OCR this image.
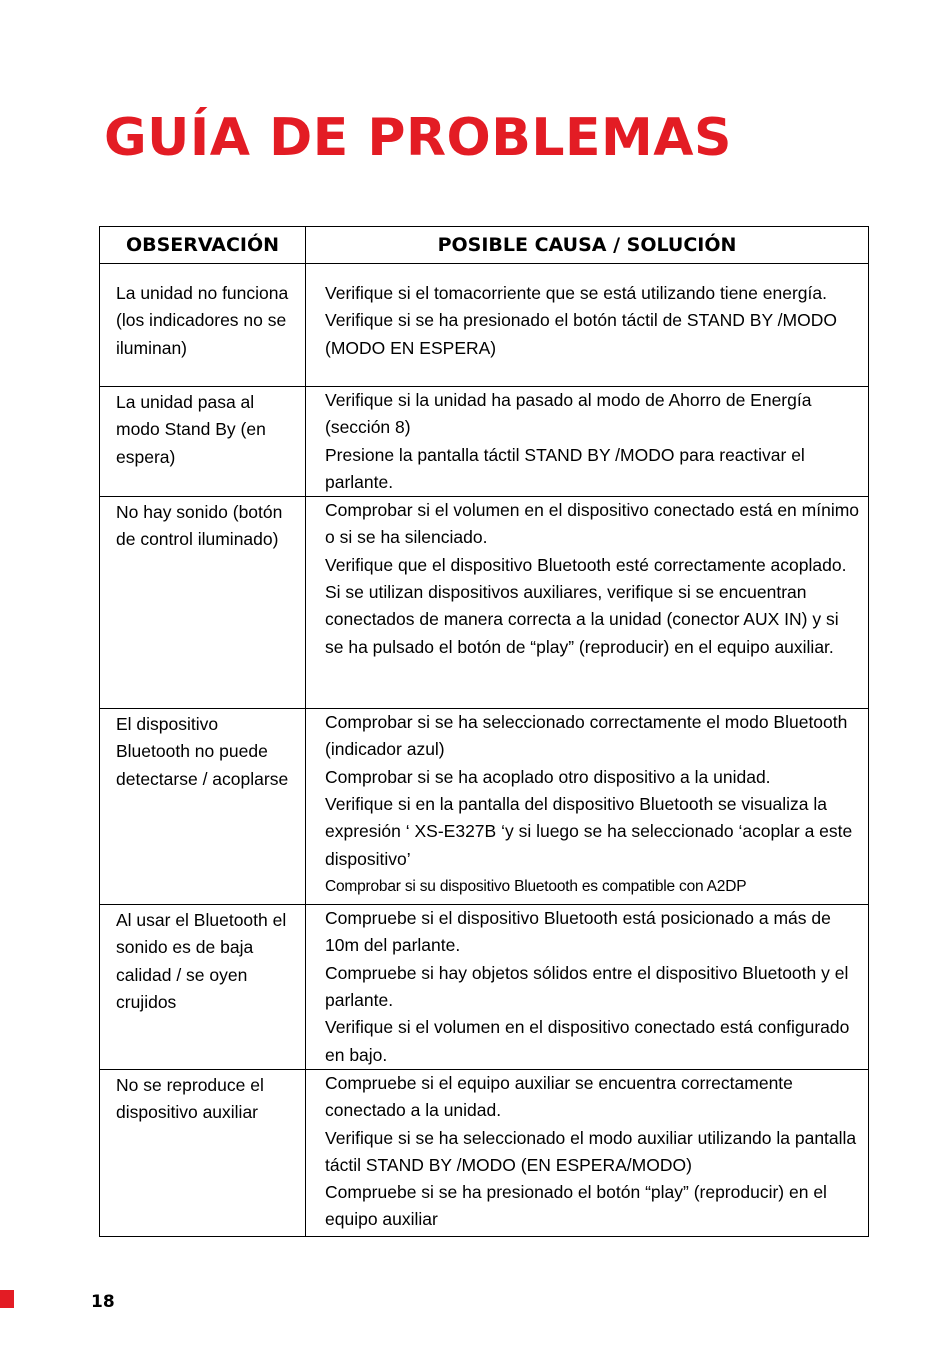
GUÍA DE PROBLEMAS
OBSERVACIÓN	POSIBLE CAUSA / SOLUCIÓN
La unidad no funciona (los indicadores no se iluminan)	Verifique si el tomacorriente que se está utilizando tiene energía.

Verifique si se ha presionado el botón táctil de STAND BY /MODO (MODO EN ESPERA)

La unidad pasa al modo Stand By (en espera)	Verifique si la unidad ha pasado al modo de Ahorro de Energía (sección 8)

Presione la pantalla táctil STAND BY /MODO para reactivar el parlante.

No hay sonido (botón de control iluminado)	Comprobar si el volumen en el dispositivo conectado está en mínimo o si se ha silenciado.

Verifique que el dispositivo Bluetooth esté correctamente acoplado.

Si se utilizan dispositivos auxiliares, verifique si se encuentran conectados de manera correcta a la unidad (conector AUX IN) y si se ha pulsado el botón de “play” (reproducir) en el equipo auxiliar.

El dispositivo Bluetooth no puede detectarse / acoplarse	Comprobar si se ha seleccionado correctamente el modo Bluetooth (indicador azul)

Comprobar si se ha acoplado otro dispositivo a la unidad.

Verifique si en la pantalla del dispositivo Bluetooth se visualiza la expresión ‘ XS-E327B ‘y si luego se ha seleccionado ‘acoplar a este dispositivo’

Comprobar si su dispositivo Bluetooth es compatible con A2DP

Al usar el Bluetooth el sonido es de baja calidad / se oyen crujidos	Compruebe si el dispositivo Bluetooth está posicionado a más de 10m del parlante.

Compruebe si hay objetos sólidos entre el dispositivo Bluetooth y el parlante.

Verifique si el volumen en el dispositivo conectado está configurado en bajo.

No se reproduce el dispositivo auxiliar	Compruebe si el equipo auxiliar se encuentra correctamente conectado a la unidad.

Verifique si se ha seleccionado el modo auxiliar utilizando la pantalla táctil STAND BY /MODO (EN ESPERA/MODO)

Compruebe si se ha presionado el botón “play” (reproducir) en el equipo auxiliar

18
